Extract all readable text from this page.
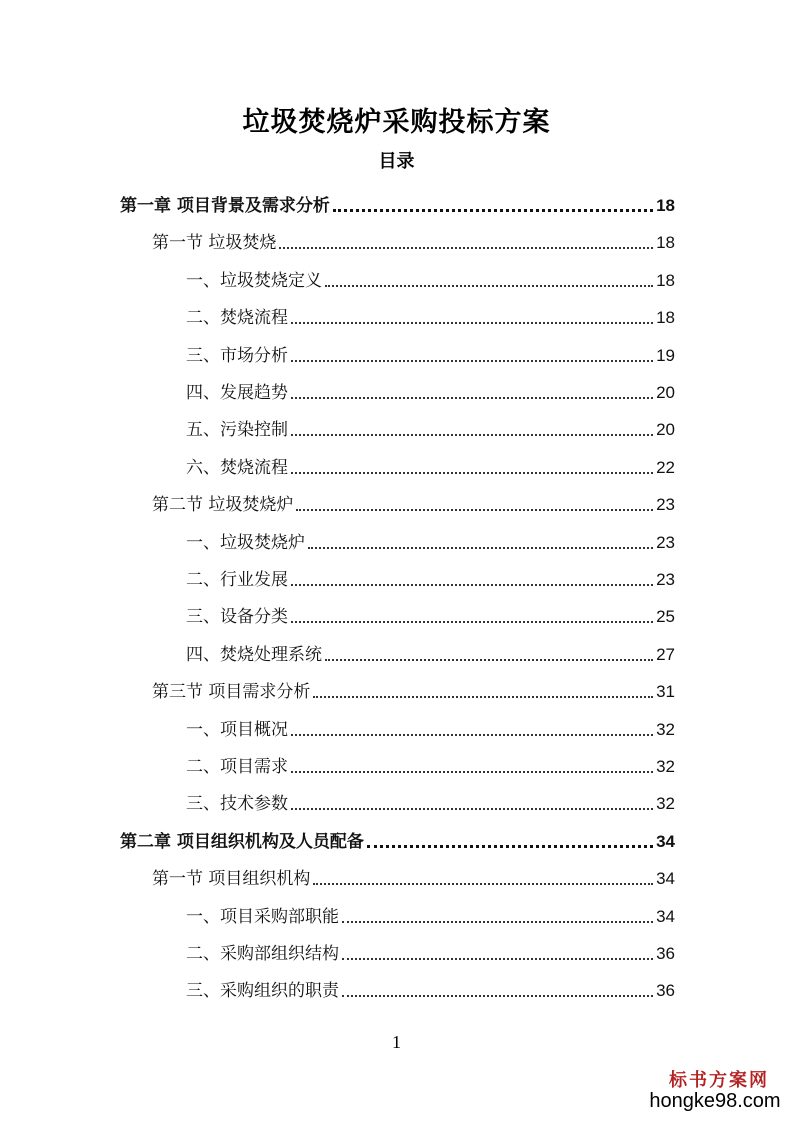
垃圾焚烧炉采购投标方案
目录
第一章 项目背景及需求分析	18
第一节 垃圾焚烧	18
一、垃圾焚烧定义	18
二、焚烧流程	18
三、市场分析	19
四、发展趋势	20
五、污染控制	20
六、焚烧流程	22
第二节 垃圾焚烧炉	23
一、垃圾焚烧炉	23
二、行业发展	23
三、设备分类	25
四、焚烧处理系统	27
第三节 项目需求分析	31
一、项目概况	32
二、项目需求	32
三、技术参数	32
第二章 项目组织机构及人员配备	34
第一节 项目组织机构	34
一、项目采购部职能	34
二、采购部组织结构	36
三、采购组织的职责	36
1
标书方案网
hongke98.com
